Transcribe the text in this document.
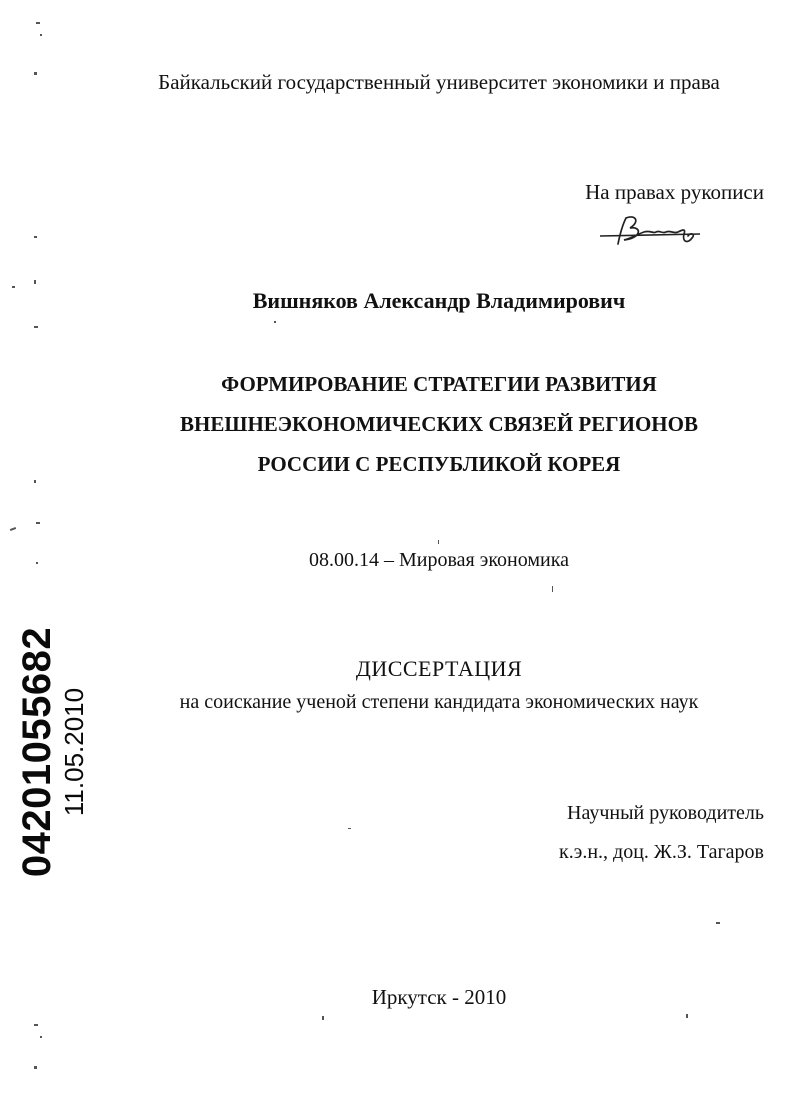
Байкальский государственный университет экономики и права
На правах рукописи
Вишняков Александр Владимирович
ФОРМИРОВАНИЕ СТРАТЕГИИ РАЗВИТИЯ
ВНЕШНЕЭКОНОМИЧЕСКИХ СВЯЗЕЙ РЕГИОНОВ
РОССИИ С РЕСПУБЛИКОЙ КОРЕЯ
08.00.14 – Мировая экономика
ДИССЕРТАЦИЯ
на соискание ученой степени кандидата экономических наук
Научный руководитель
к.э.н., доц. Ж.З. Тагаров
Иркутск - 2010
04201055682 11.05.2010
